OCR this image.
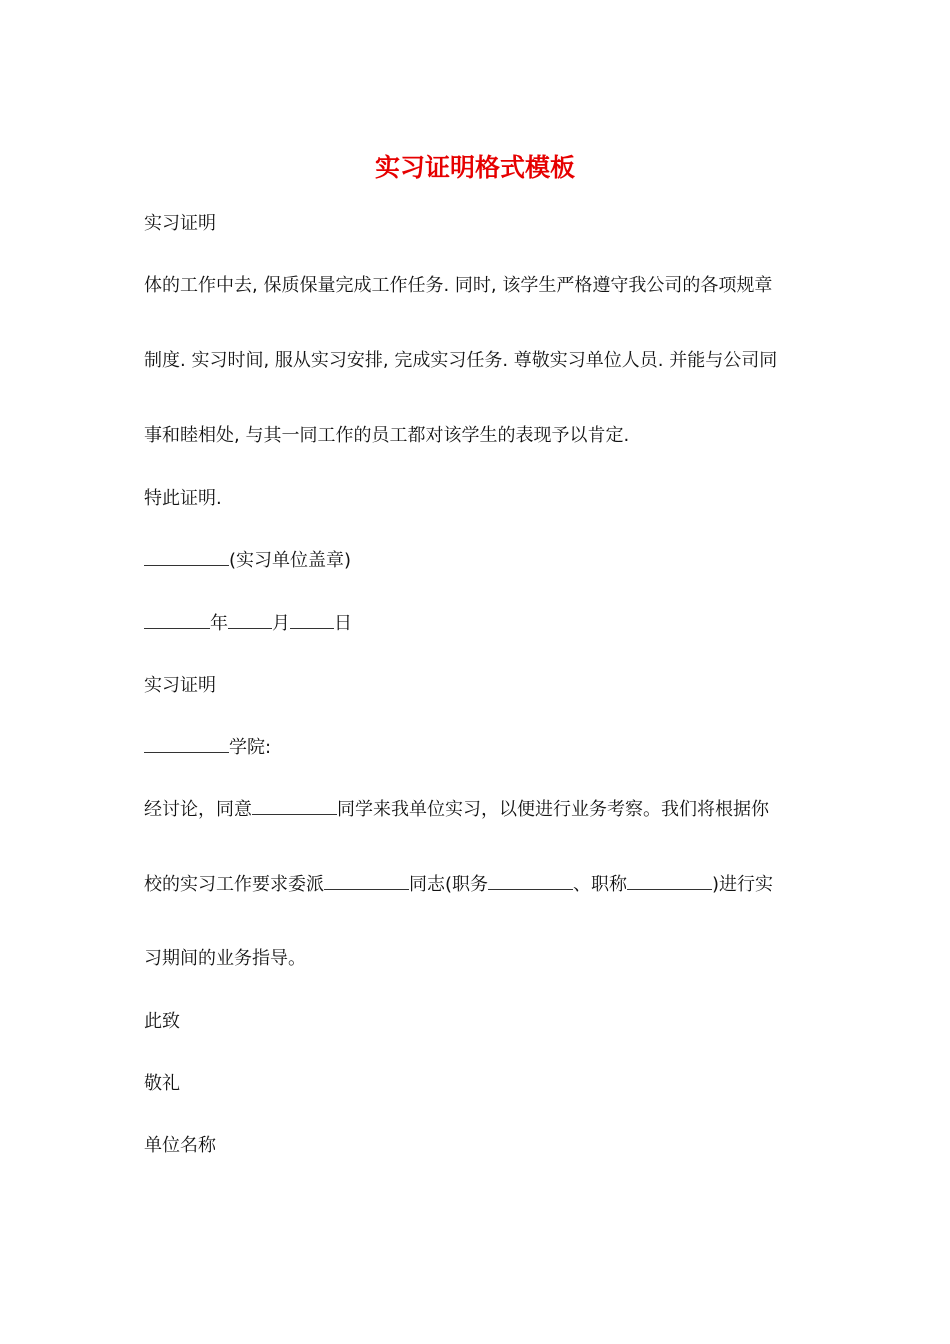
实习证明格式模板
实习证明
体的工作中去, 保质保量完成工作任务. 同时, 该学生严格遵守我公司的各项规章
制度. 实习时间, 服从实习安排, 完成实习任务. 尊敬实习单位人员. 并能与公司同
事和睦相处, 与其一同工作的员工都对该学生的表现予以肯定.
特此证明.
(实习单位盖章)
年 月 日
实习证明
学院:
经讨论，同意	同学来我单位实习，以便进行业务考察。我们将根据你
校的实习工作要求委派	同志(职务	、职称	)进行实
习期间的业务指导。
此致
敬礼
单位名称
